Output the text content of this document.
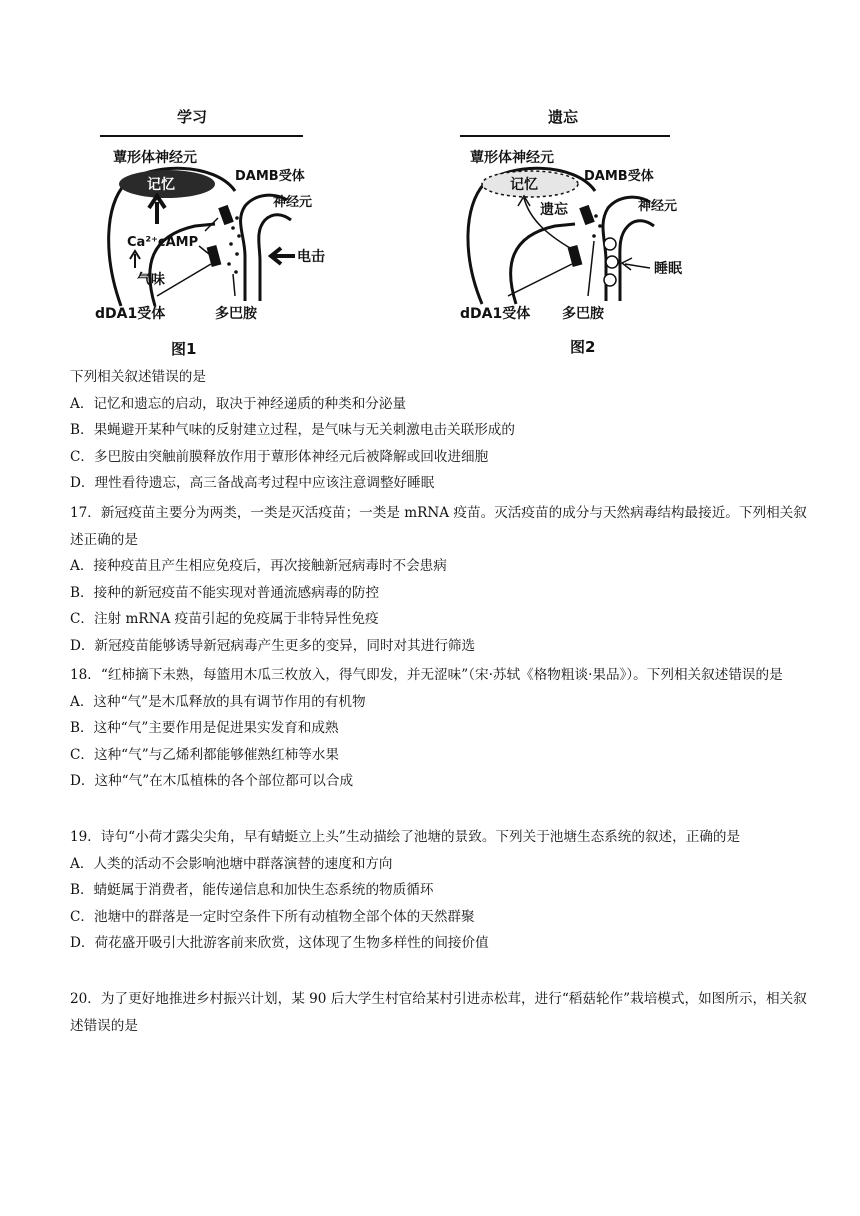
学习
蕈形体神经元
记忆
Ca²⁺cAMP
气味
DAMB受体
神经元
电击
dDA1受体	多巴胺
图1
遗忘
蕈形体神经元
记忆
遗忘
DAMB受体
神经元
睡眠
dDA1受体 多巴胺
图2
下列相关叙述错误的是
A．记忆和遗忘的启动，取决于神经递质的种类和分泌量
B．果蝇避开某种气味的反射建立过程，是气味与无关刺激电击关联形成的
C．多巴胺由突触前膜释放作用于蕈形体神经元后被降解或回收进细胞
D．理性看待遗忘，高三备战高考过程中应该注意调整好睡眠
17．新冠疫苗主要分为两类，一类是灭活疫苗；一类是 mRNA 疫苗。灭活疫苗的成分与天然病毒结构最接近。下列相关叙述正确的是
A．接种疫苗且产生相应免疫后，再次接触新冠病毒时不会患病
B．接种的新冠疫苗不能实现对普通流感病毒的防控
C．注射 mRNA 疫苗引起的免疫属于非特异性免疫
D．新冠疫苗能够诱导新冠病毒产生更多的变异，同时对其进行筛选
18．“红柿摘下未熟，每篮用木瓜三枚放入，得气即发，并无涩味”（宋·苏轼《格物粗谈·果品》）。下列相关叙述错误的是
A．这种“气”是木瓜释放的具有调节作用的有机物
B．这种“气”主要作用是促进果实发育和成熟
C．这种“气”与乙烯利都能够催熟红柿等水果
D．这种“气”在木瓜植株的各个部位都可以合成
19．诗句“小荷才露尖尖角，早有蜻蜓立上头”生动描绘了池塘的景致。下列关于池塘生态系统的叙述，正确的是
A．人类的活动不会影响池塘中群落演替的速度和方向
B．蜻蜓属于消费者，能传递信息和加快生态系统的物质循环
C．池塘中的群落是一定时空条件下所有动植物全部个体的天然群聚
D．荷花盛开吸引大批游客前来欣赏，这体现了生物多样性的间接价值
20．为了更好地推进乡村振兴计划，某 90 后大学生村官给某村引进赤松茸，进行“稻菇轮作”栽培模式，如图所示，相关叙述错误的是
